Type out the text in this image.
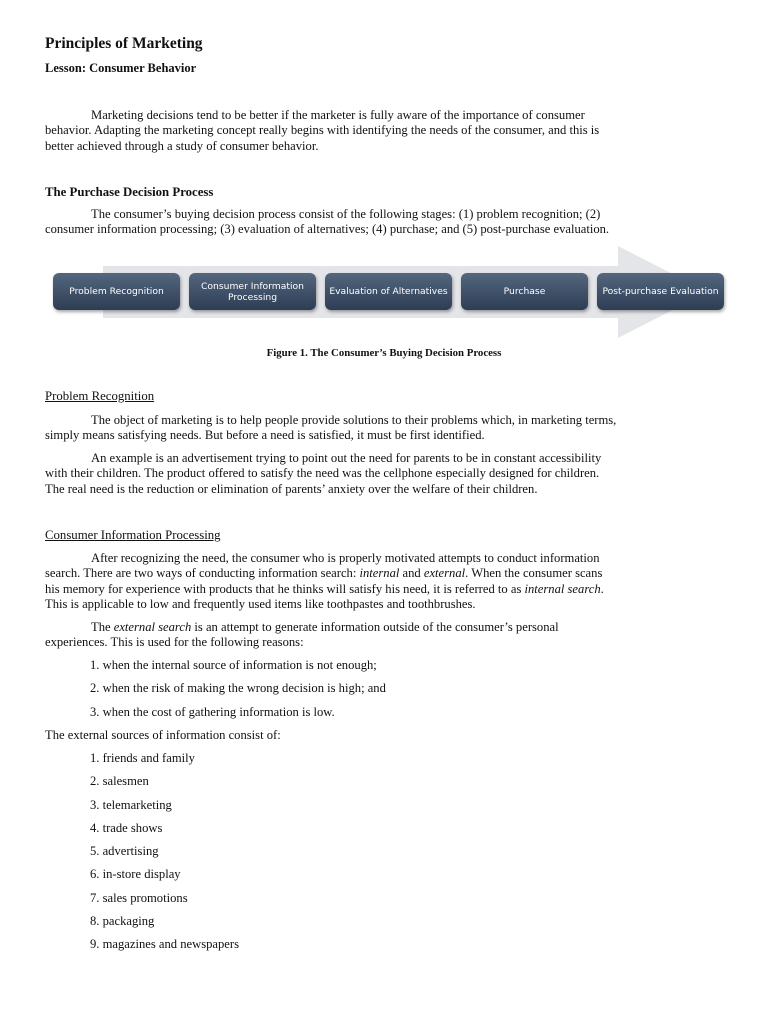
Principles of Marketing
Lesson: Consumer Behavior
Marketing decisions tend to be better if the marketer is fully aware of the importance of consumer
behavior. Adapting the marketing concept really begins with identifying the needs of the consumer, and this is
better achieved through a study of consumer behavior.
The Purchase Decision Process
The consumer’s buying decision process consist of the following stages: (1) problem recognition; (2)
consumer information processing; (3) evaluation of alternatives; (4) purchase; and (5) post-purchase evaluation.
Problem Recognition	Consumer Information Processing	Evaluation of Alternatives	Purchase	Post-purchase Evaluation
Figure 1. The Consumer’s Buying Decision Process
Problem Recognition
The object of marketing is to help people provide solutions to their problems which, in marketing terms,
simply means satisfying needs. But before a need is satisfied, it must be first identified.
An example is an advertisement trying to point out the need for parents to be in constant accessibility
with their children. The product offered to satisfy the need was the cellphone especially designed for children.
The real need is the reduction or elimination of parents’ anxiety over the welfare of their children.
Consumer Information Processing
After recognizing the need, the consumer who is properly motivated attempts to conduct information
search. There are two ways of conducting information search: internal and external. When the consumer scans
his memory for experience with products that he thinks will satisfy his need, it is referred to as internal search.
This is applicable to low and frequently used items like toothpastes and toothbrushes.
The external search is an attempt to generate information outside of the consumer’s personal
experiences. This is used for the following reasons:
1. when the internal source of information is not enough;
2. when the risk of making the wrong decision is high; and
3. when the cost of gathering information is low.
The external sources of information consist of:
1. friends and family
2. salesmen
3. telemarketing
4. trade shows
5. advertising
6. in-store display
7. sales promotions
8. packaging
9. magazines and newspapers
